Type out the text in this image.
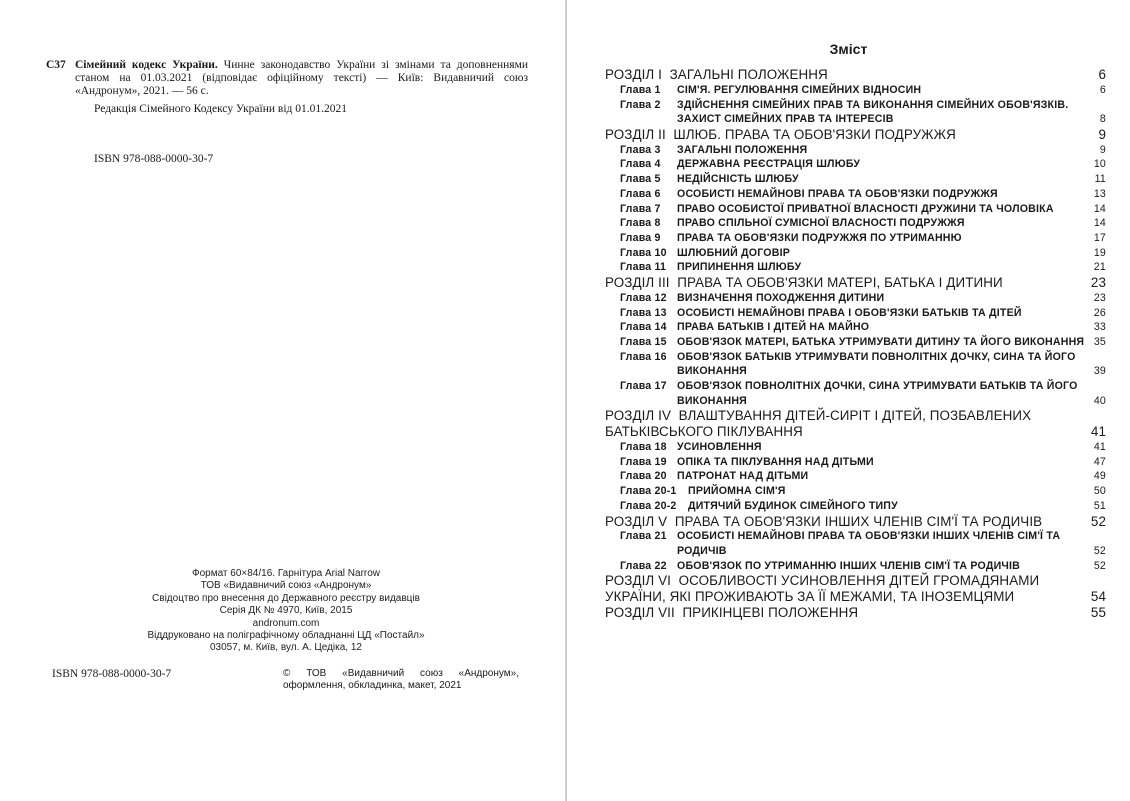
С37 Сімейний кодекс України. Чинне законодавство України зі змінами та доповненнями станом на 01.03.2021 (відповідає офіційному тексті) — Київ: Видавничий союз «Андронум», 2021. — 56 с.
Редакція Сімейного Кодексу України від 01.01.2021
ISBN 978-088-0000-30-7
Формат 60×84/16. Гарнітура Arial Narrow
ТОВ «Видавничий союз «Андронум»
Свідоцтво про внесення до Державного реєстру видавців
Серія ДК № 4970, Київ, 2015
andronum.com
Віддруковано на поліграфічному обладнанні ЦД «Постайл»
03057, м. Київ, вул. А. Цедіка, 12
ISBN 978-088-0000-30-7	© ТОВ «Видавничий союз «Андронум»,
оформлення, обкладинка, макет, 2021
Зміст
РОЗДІЛ І  ЗАГАЛЬНІ ПОЛОЖЕННЯ	6
Глава 1	СІМ'Я. РЕГУЛЮВАННЯ СІМЕЙНИХ ВІДНОСИН	6
Глава 2	ЗДІЙСНЕННЯ СІМЕЙНИХ ПРАВ ТА ВИКОНАННЯ СІМЕЙНИХ ОБОВ'ЯЗКІВ. ЗАХИСТ СІМЕЙНИХ ПРАВ ТА ІНТЕРЕСІВ	8
РОЗДІЛ ІІ  ШЛЮБ. ПРАВА ТА ОБОВ'ЯЗКИ ПОДРУЖЖЯ	9
Глава 3	ЗАГАЛЬНІ ПОЛОЖЕННЯ	9
Глава 4	ДЕРЖАВНА РЕЄСТРАЦІЯ ШЛЮБУ	10
Глава 5	НЕДІЙСНІСТЬ ШЛЮБУ	11
Глава 6	ОСОБИСТІ НЕМАЙНОВІ ПРАВА ТА ОБОВ'ЯЗКИ ПОДРУЖЖЯ	13
Глава 7	ПРАВО ОСОБИСТОЇ ПРИВАТНОЇ ВЛАСНОСТІ ДРУЖИНИ ТА ЧОЛОВІКА	14
Глава 8	ПРАВО СПІЛЬНОЇ СУМІСНОЇ ВЛАСНОСТІ ПОДРУЖЖЯ	14
Глава 9	ПРАВА ТА ОБОВ'ЯЗКИ ПОДРУЖЖЯ ПО УТРИМАННЮ	17
Глава 10 ШЛЮБНИЙ ДОГОВІР	19
Глава 11	ПРИПИНЕННЯ ШЛЮБУ	21
РОЗДІЛ ІІІ  ПРАВА ТА ОБОВ'ЯЗКИ МАТЕРІ, БАТЬКА І ДИТИНИ	23
Глава 12 ВИЗНАЧЕННЯ ПОХОДЖЕННЯ ДИТИНИ	23
Глава 13 ОСОБИСТІ НЕМАЙНОВІ ПРАВА І ОБОВ'ЯЗКИ БАТЬКІВ ТА ДІТЕЙ	26
Глава 14 ПРАВА БАТЬКІВ І ДІТЕЙ НА МАЙНО	33
Глава 15 ОБОВ'ЯЗОК МАТЕРІ, БАТЬКА УТРИМУВАТИ ДИТИНУ ТА ЙОГО ВИКОНАННЯ 35
Глава 16 ОБОВ'ЯЗОК БАТЬКІВ УТРИМУВАТИ ПОВНОЛІТНІХ ДОЧКУ, СИНА ТА ЙОГО ВИКОНАННЯ	39
Глава 17 ОБОВ'ЯЗОК ПОВНОЛІТНІХ ДОЧКИ, СИНА УТРИМУВАТИ БАТЬКІВ ТА ЙОГО ВИКОНАННЯ	40
РОЗДІЛ IV  ВЛАШТУВАННЯ ДІТЕЙ-СИРІТ І ДІТЕЙ, ПОЗБАВЛЕНИХ БАТЬКІВСЬКОГО ПІКЛУВАННЯ	41
Глава 18 УСИНОВЛЕННЯ	41
Глава 19 ОПІКА ТА ПІКЛУВАННЯ НАД ДІТЬМИ	47
Глава 20 ПАТРОНАТ НАД ДІТЬМИ	49
Глава 20-1	ПРИЙОМНА СІМ'Я	50
Глава 20-2	ДИТЯЧИЙ БУДИНОК СІМЕЙНОГО ТИПУ	51
РОЗДІЛ V  ПРАВА ТА ОБОВ'ЯЗКИ ІНШИХ ЧЛЕНІВ СІМ'Ї ТА РОДИЧІВ	52
Глава 21 ОСОБИСТІ НЕМАЙНОВІ ПРАВА ТА ОБОВ'ЯЗКИ ІНШИХ ЧЛЕНІВ СІМ'Ї ТА РОДИЧІВ	52
Глава 22 ОБОВ'ЯЗОК ПО УТРИМАННЮ ІНШИХ ЧЛЕНІВ СІМ'Ї ТА РОДИЧІВ	52
РОЗДІЛ VI  ОСОБЛИВОСТІ УСИНОВЛЕННЯ ДІТЕЙ ГРОМАДЯНАМИ УКРАЇНИ, ЯКІ ПРОЖИВАЮТЬ ЗА ЇЇ МЕЖАМИ, ТА ІНОЗЕМЦЯМИ	54
РОЗДІЛ VII  ПРИКІНЦЕВІ ПОЛОЖЕННЯ	55
